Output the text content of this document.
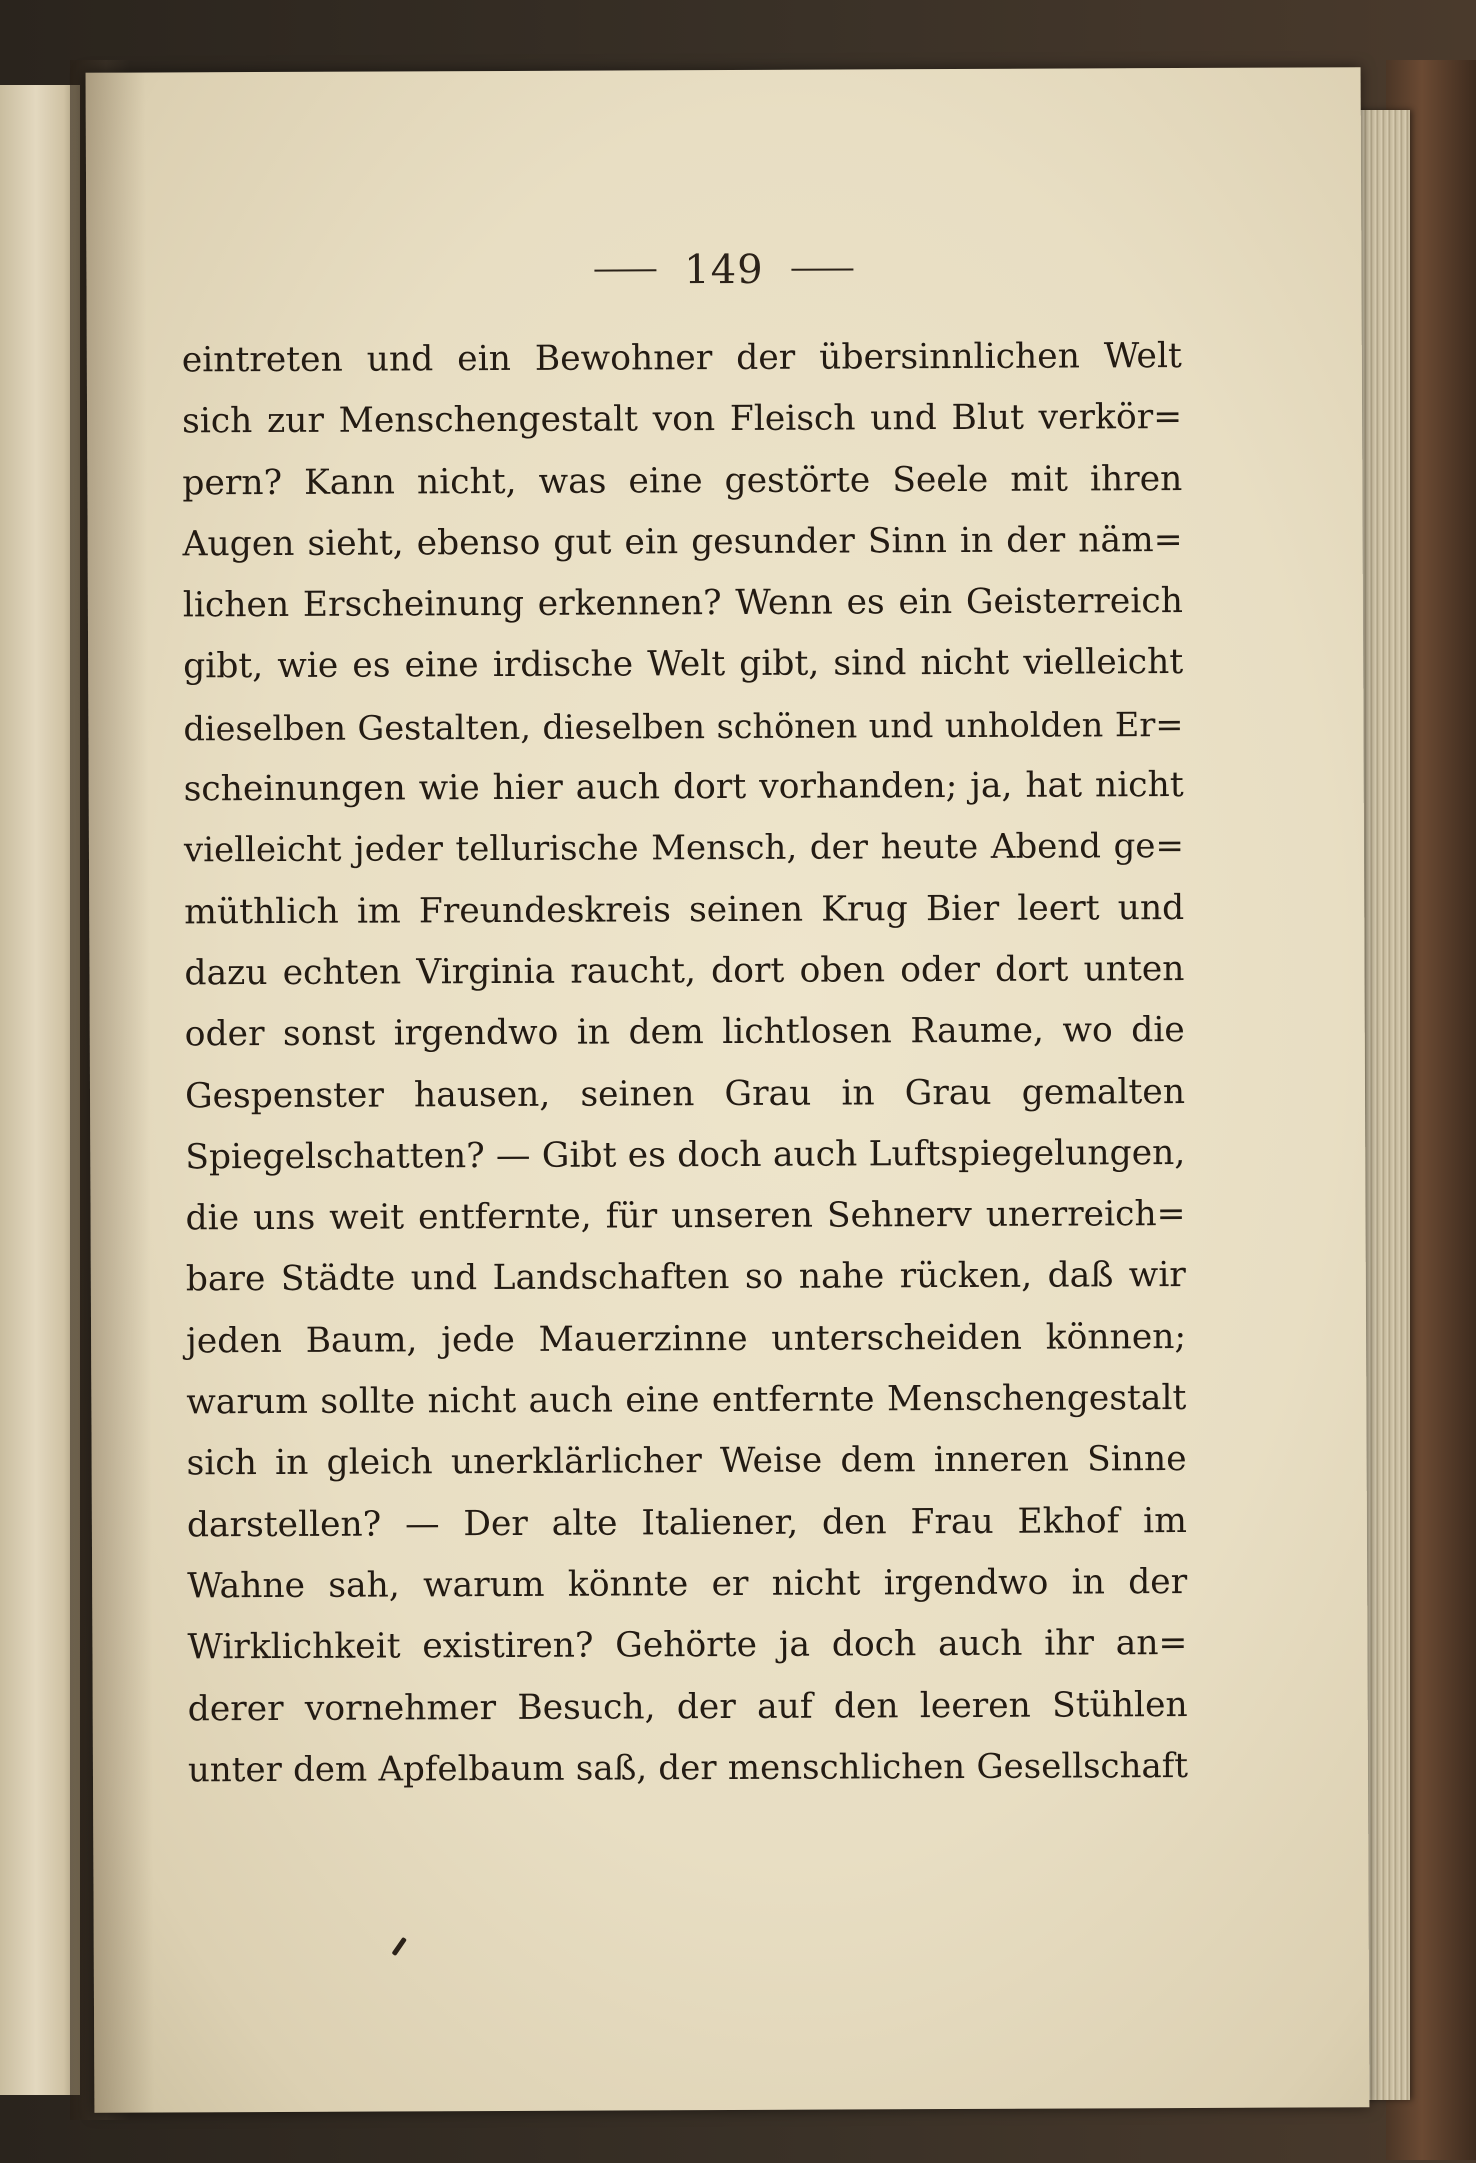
149
eintreten und ein Bewohner der übersinnlichen Welt
sich zur Menschengestalt von Fleisch und Blut verkör=
pern? Kann nicht, was eine gestörte Seele mit ihren
Augen sieht, ebenso gut ein gesunder Sinn in der näm=
lichen Erscheinung erkennen? Wenn es ein Geisterreich
gibt, wie es eine irdische Welt gibt, sind nicht vielleicht
dieselben Gestalten, dieselben schönen und unholden Er=
scheinungen wie hier auch dort vorhanden; ja, hat nicht
vielleicht jeder tellurische Mensch, der heute Abend ge=
müthlich im Freundeskreis seinen Krug Bier leert und
dazu echten Virginia raucht, dort oben oder dort unten
oder sonst irgendwo in dem lichtlosen Raume, wo die
Gespenster hausen, seinen Grau in Grau gemalten
Spiegelschatten? — Gibt es doch auch Luftspiegelungen,
die uns weit entfernte, für unseren Sehnerv unerreich=
bare Städte und Landschaften so nahe rücken, daß wir
jeden Baum, jede Mauerzinne unterscheiden können;
warum sollte nicht auch eine entfernte Menschengestalt
sich in gleich unerklärlicher Weise dem inneren Sinne
darstellen? — Der alte Italiener, den Frau Ekhof im
Wahne sah, warum könnte er nicht irgendwo in der
Wirklichkeit existiren? Gehörte ja doch auch ihr an=
derer vornehmer Besuch, der auf den leeren Stühlen
unter dem Apfelbaum saß, der menschlichen Gesellschaft
